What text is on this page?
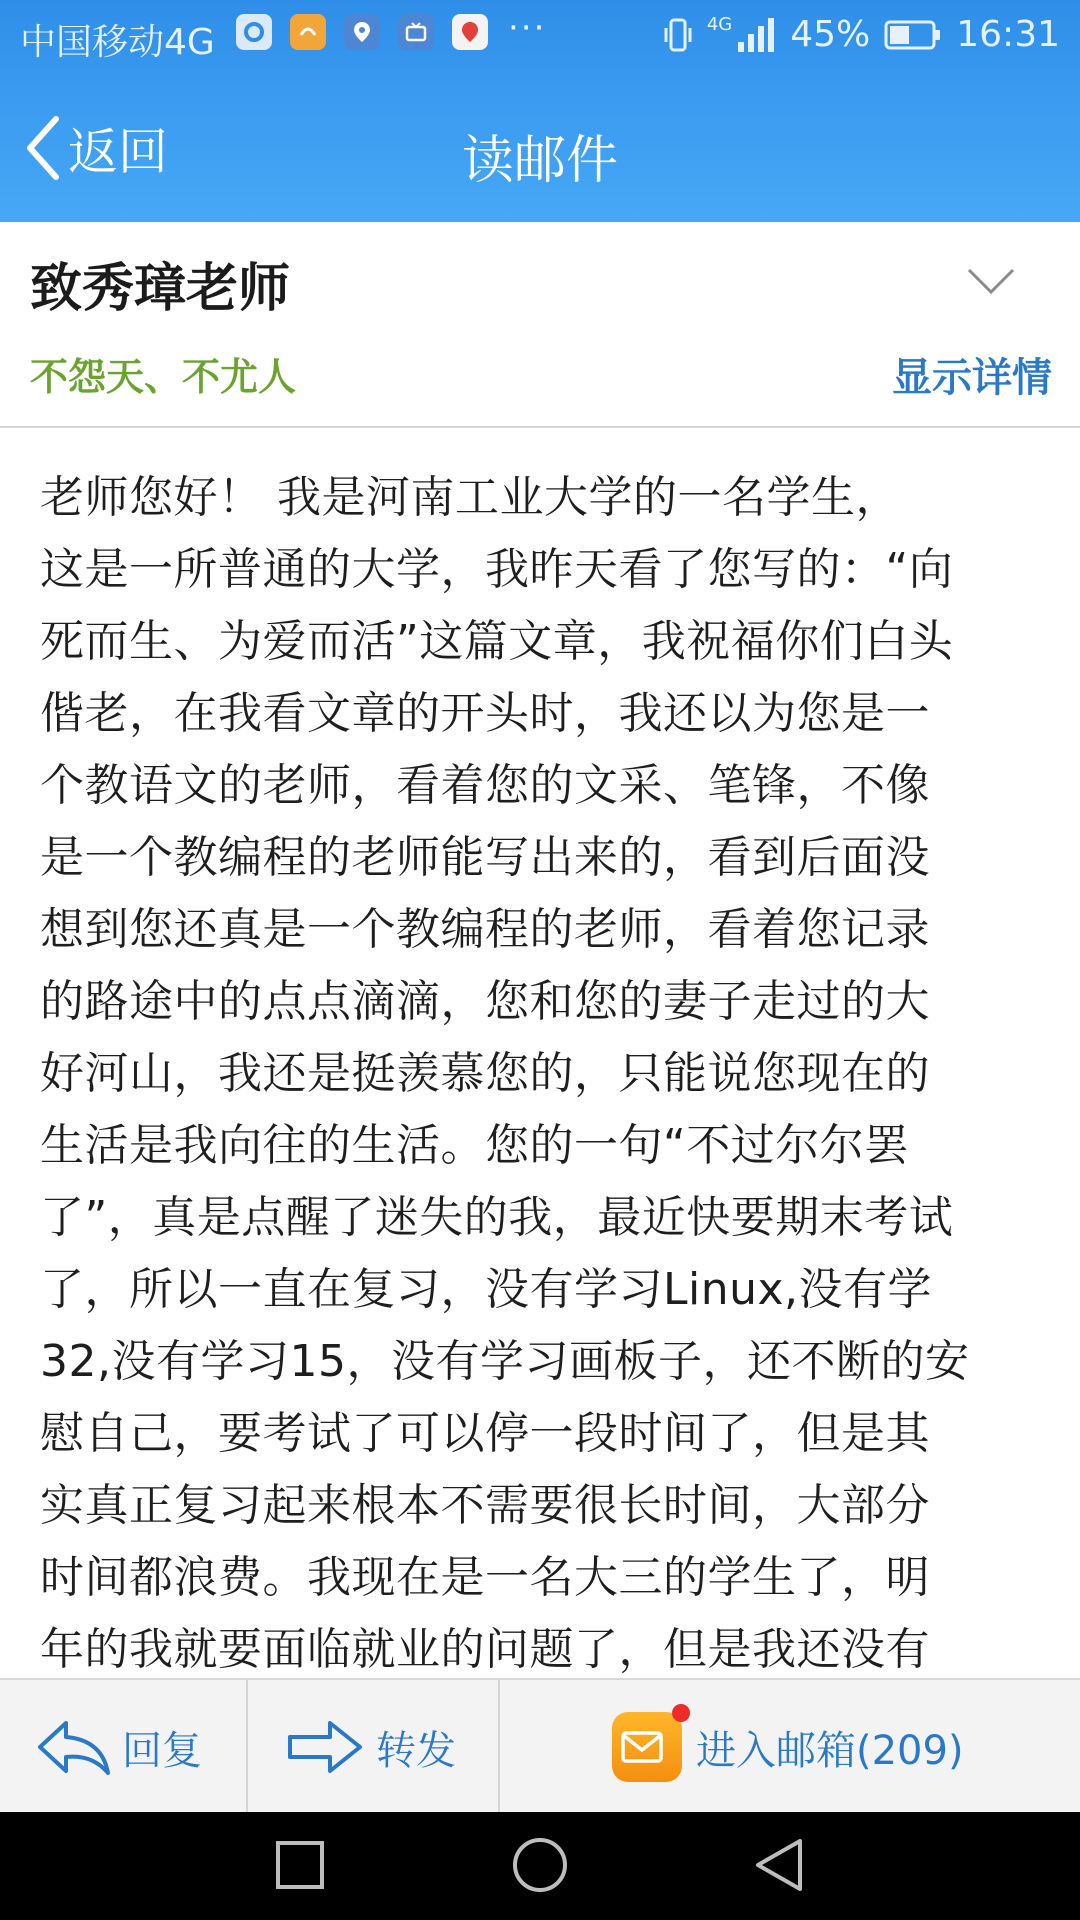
中国移动4G	···	4G 45% 16:31
返回	读邮件
致秀璋老师
不怨天、不尤人	显示详情
老师您好！ 我是河南工业大学的一名学生，
这是一所普通的大学，我昨天看了您写的：“向
死而生、为爱而活”这篇文章，我祝福你们白头
偕老，在我看文章的开头时，我还以为您是一
个教语文的老师，看着您的文采、笔锋，不像
是一个教编程的老师能写出来的，看到后面没
想到您还真是一个教编程的老师，看着您记录
的路途中的点点滴滴，您和您的妻子走过的大
好河山，我还是挺羡慕您的，只能说您现在的
生活是我向往的生活。您的一句“不过尔尔罢
了”，真是点醒了迷失的我，最近快要期末考试
了，所以一直在复习，没有学习Linux,没有学
32,没有学习15，没有学习画板子，还不断的安
慰自己，要考试了可以停一段时间了，但是其
实真正复习起来根本不需要很长时间，大部分
时间都浪费。我现在是一名大三的学生了，明
年的我就要面临就业的问题了，但是我还没有
回复	转发	进入邮箱(209)
